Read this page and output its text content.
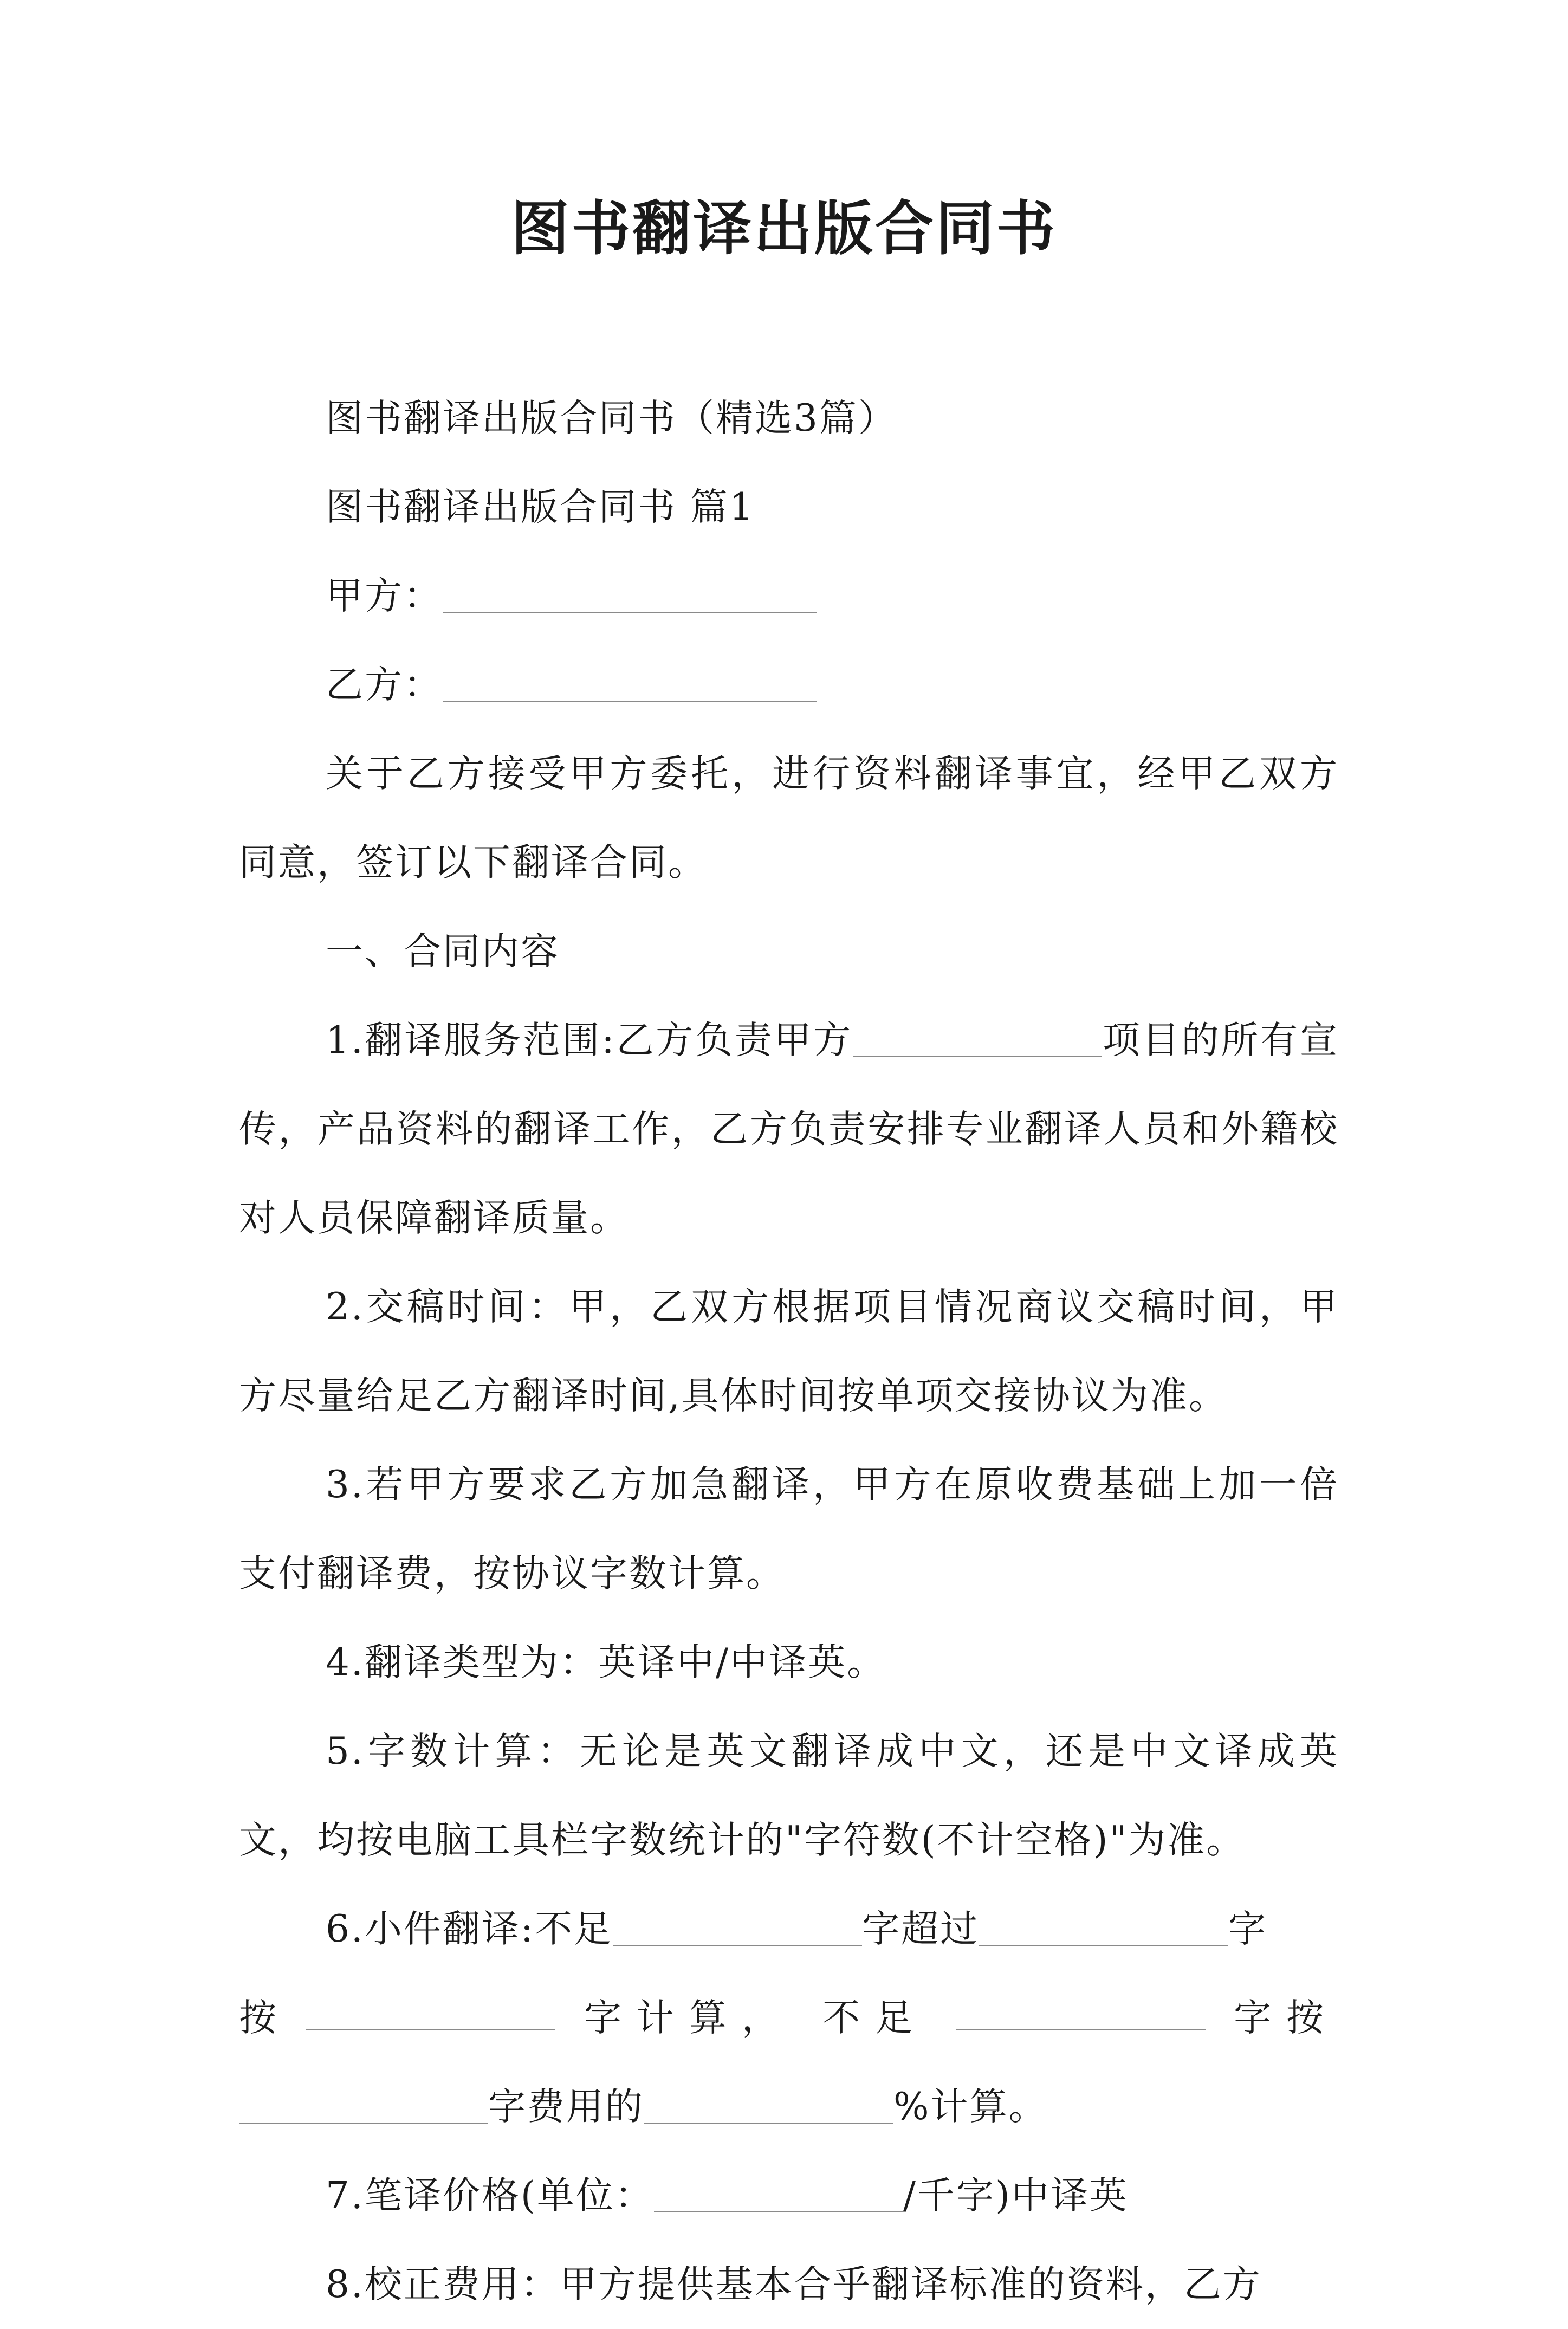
图书翻译出版合同书

图书翻译出版合同书（精选3篇）

图书翻译出版合同书 篇1

甲方：

乙方：

关于乙方接受甲方委托，进行资料翻译事宜，经甲乙双方同意，签订以下翻译合同。

一、合同内容

1.翻译服务范围:乙方负责甲方	项目的所有宣传，产品资料的翻译工作，乙方负责安排专业翻译人员和外籍校对人员保障翻译质量。

2.交稿时间：甲，乙双方根据项目情况商议交稿时间，甲方尽量给足乙方翻译时间,具体时间按单项交接协议为准。

3.若甲方要求乙方加急翻译，甲方在原收费基础上加一倍支付翻译费，按协议字数计算。

4.翻译类型为：英译中/中译英。

5.字数计算：无论是英文翻译成中文，还是中文译成英文，均按电脑工具栏字数统计的"字符数(不计空格)"为准。

6.小件翻译:不足	字超过	字

按	字计算， 不足	字按

字费用的	%计算。

7.笔译价格(单位：	/千字)中译英

8.校正费用：甲方提供基本合乎翻译标准的资料，乙方
